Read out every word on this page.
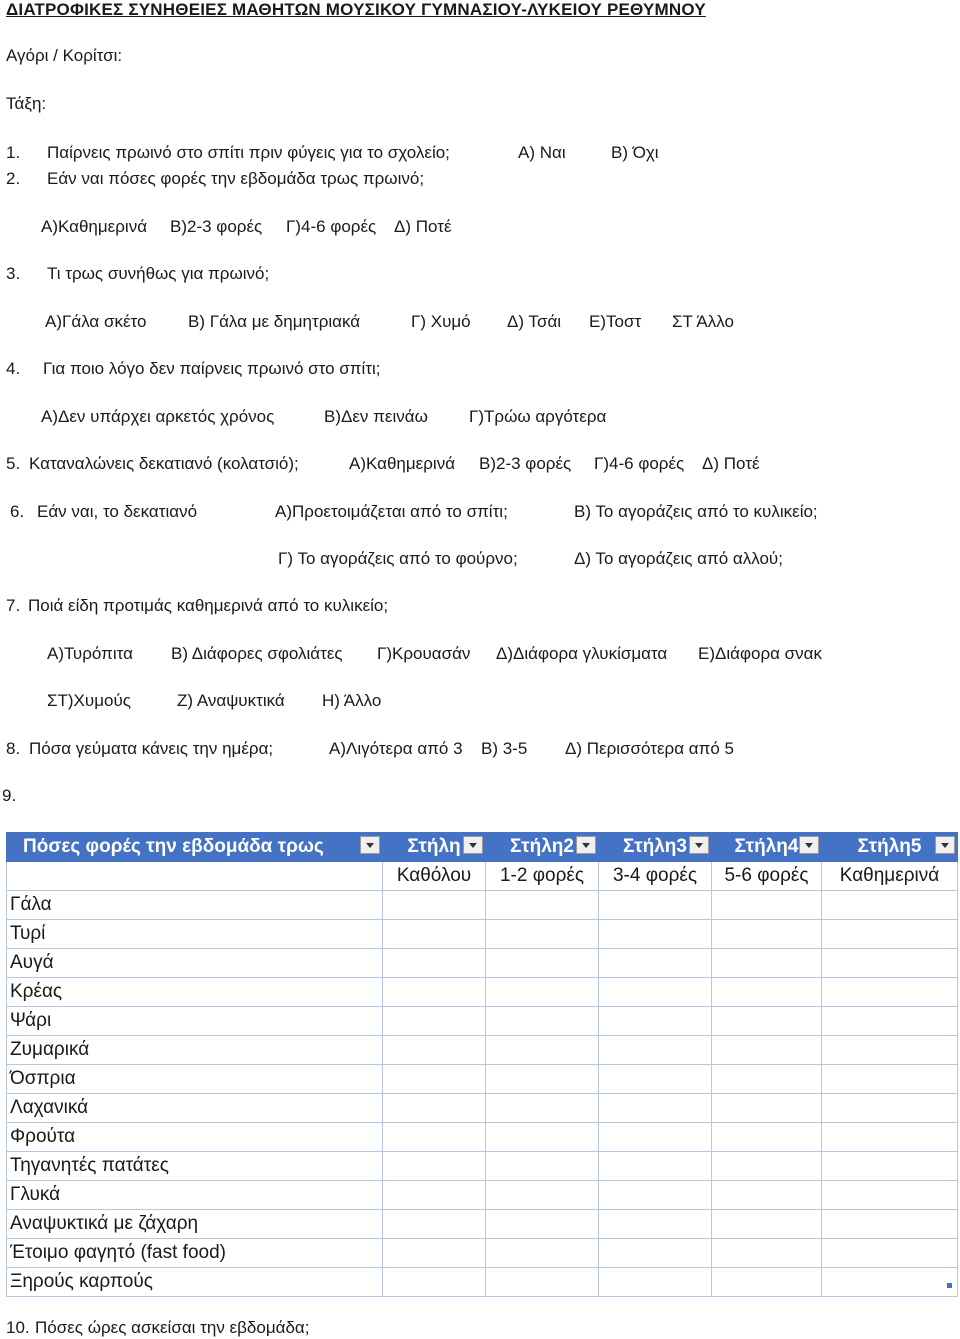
ΔΙΑΤΡΟΦΙΚΕΣ ΣΥΝΗΘΕΙΕΣ ΜΑΘΗΤΩΝ ΜΟΥΣΙΚΟΥ ΓΥΜΝΑΣΙΟΥ-ΛΥΚΕΙΟΥ ΡΕΘΥΜΝΟΥ
Αγόρι / Κορίτσι:
Τάξη:
1. Παίρνεις πρωινό στο σπίτι πριν φύγεις για το σχολείο;	Α) Ναι	Β) Όχι
2. Εάν ναι πόσες φορές την εβδομάδα τρως πρωινό;
Α)Καθημερινά Β)2-3 φορές Γ)4-6 φορές Δ) Ποτέ
3. Τι τρως συνήθως για πρωινό;
Α)Γάλα σκέτο Β) Γάλα με δημητριακά	Γ) Χυμό Δ) Τσάι Ε)Τοστ ΣΤ Άλλο
4. Για ποιο λόγο δεν παίρνεις πρωινό στο σπίτι;
Α)Δεν υπάρχει αρκετός χρόνος	Β)Δεν πεινάω Γ)Τρώω αργότερα
5. Καταναλώνεις δεκατιανό (κολατσιό);	Α)Καθημερινά Β)2-3 φορές Γ)4-6 φορές Δ) Ποτέ
6. Εάν ναι, το δεκατιανό	Α)Προετοιμάζεται από το σπίτι;	Β) Το αγοράζεις από το κυλικείο;
Γ) Το αγοράζεις από το φούρνο;	Δ) Το αγοράζεις από αλλού;
7. Ποιά είδη προτιμάς καθημερινά από το κυλικείο;
Α)Τυρόπιτα Β) Διάφορες σφολιάτες Γ)Κρουασάν Δ)Διάφορα γλυκίσματα Ε)Διάφορα σνακ
ΣΤ)Χυμούς	Ζ) Αναψυκτικά Η) Άλλο
8. Πόσα γεύματα κάνεις την ημέρα;	Α)Λιγότερα από 3 Β) 3-5 Δ) Περισσότερα από 5
9.
Πόσες φορές την εβδομάδα τρως	Στήλη	Στήλη2	Στήλη3	Στήλη4	Στήλη5

	Καθόλου	1-2 φορές	3-4 φορές	5-6 φορές	Καθημερινά
Γάλα					
Τυρί					
Αυγά					
Κρέας					
Ψάρι					
Ζυμαρικά					
Όσπρια					
Λαχανικά					
Φρούτα					
Τηγανητές πατάτες					
Γλυκά					
Αναψυκτικά με ζάχαρη					
Έτοιμο φαγητό (fast food)					
Ξηρούς καρπούς					
10. Πόσες ώρες ασκείσαι την εβδομάδα;
